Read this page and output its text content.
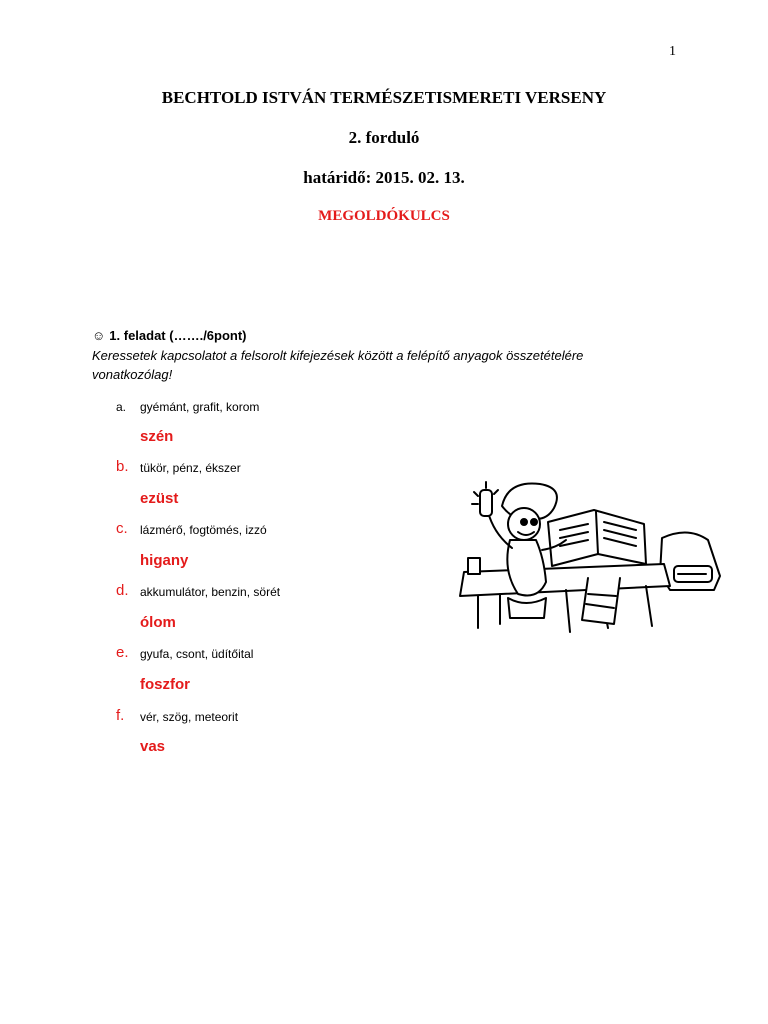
1
BECHTOLD ISTVÁN TERMÉSZETISMERETI VERSENY
2. forduló
határidő: 2015. 02. 13.
MEGOLDÓKULCS
☺ 1. feladat (……./6pont)
Keressetek kapcsolatot a felsorolt kifejezések között a felépítő anyagok összetételére vonatkozólag!
a.	gyémánt, grafit, korom
szén
b. tükör, pénz, ékszer
ezüst
c.	lázmérő, fogtömés, izzó
higany
d. akkumulátor, benzin, sörét
ólom
e. gyufa, csont, üdítőital
foszfor
f.	vér, szög, meteorit
vas
